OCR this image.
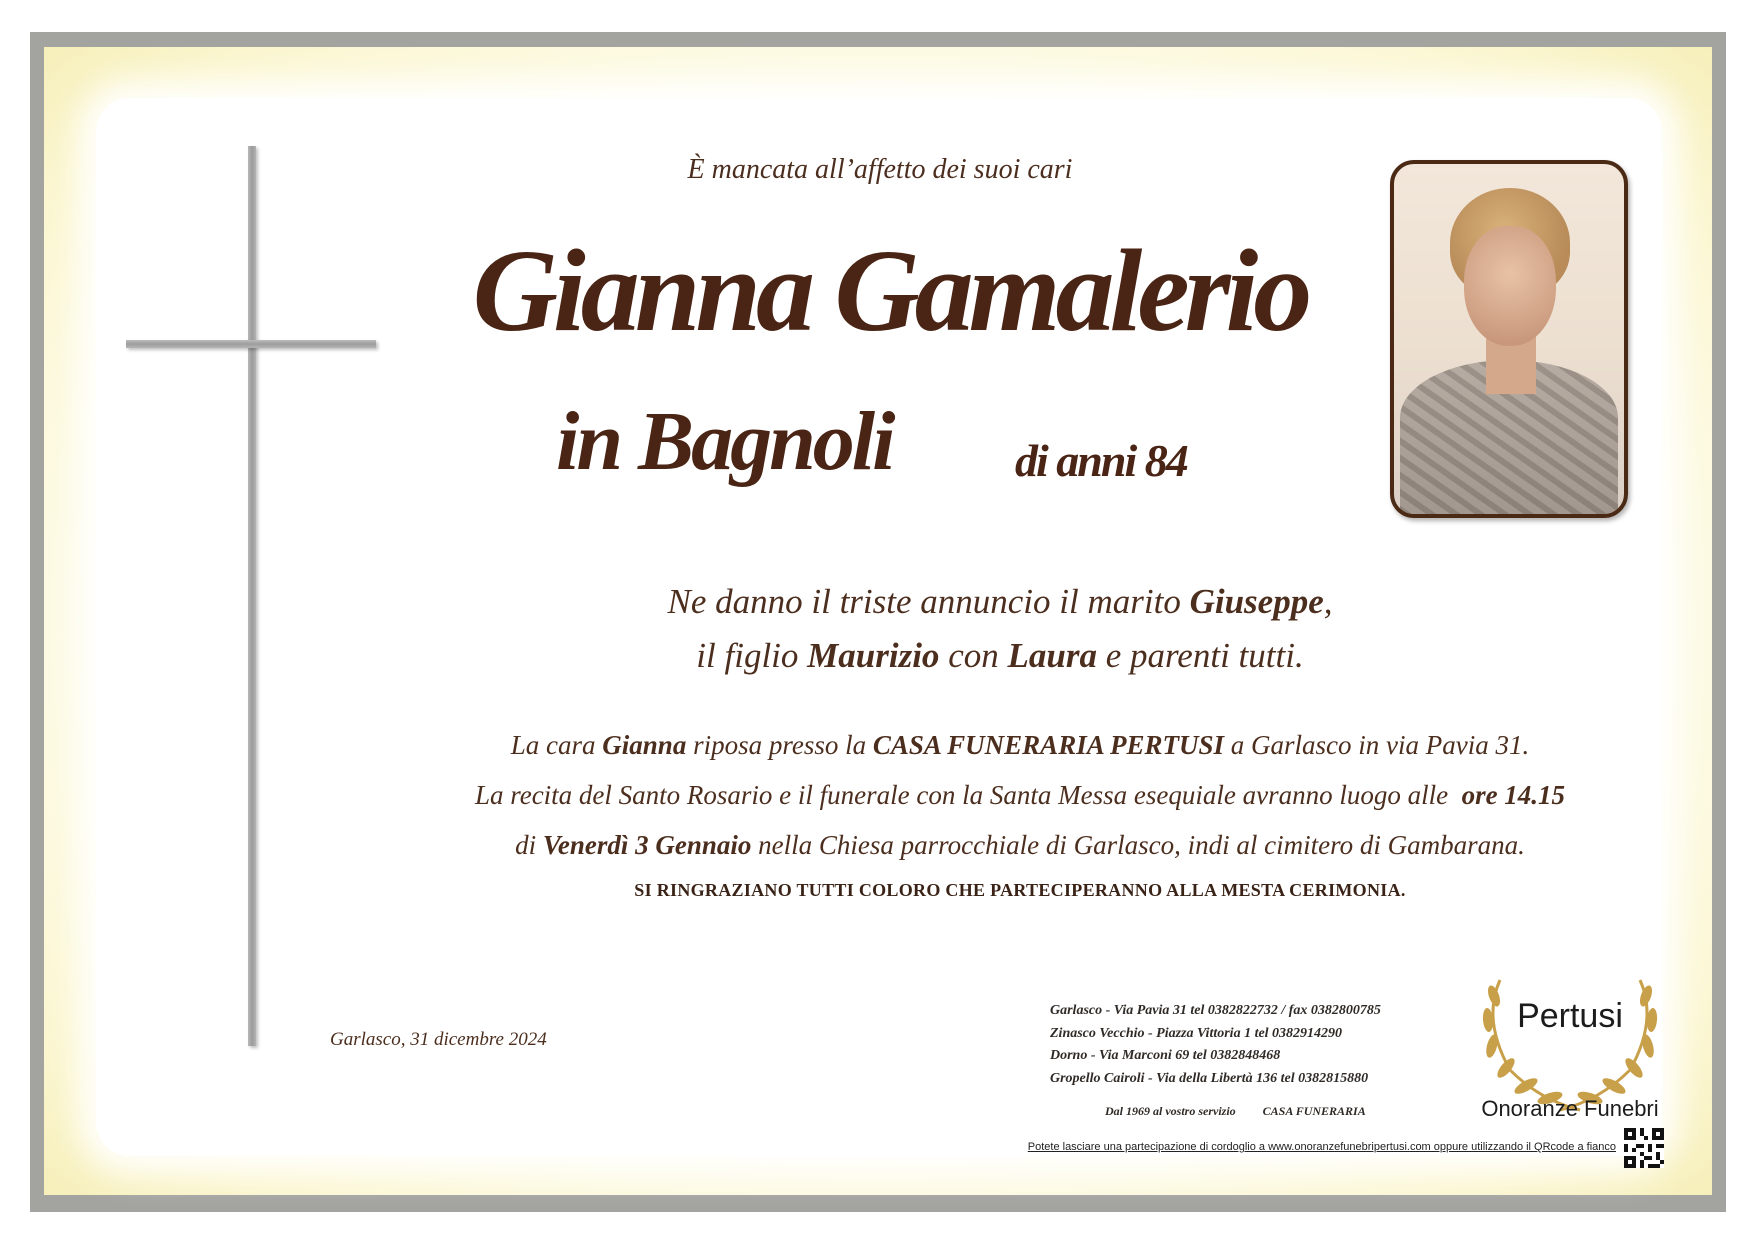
È mancata all’affetto dei suoi cari
Gianna Gamalerio
in Bagnoli	di anni 84
Ne danno il triste annuncio il marito Giuseppe,
il figlio Maurizio con Laura e parenti tutti.
La cara Gianna riposa presso la CASA FUNERARIA PERTUSI a Garlasco in via Pavia 31.
La recita del Santo Rosario e il funerale con la Santa Messa esequiale avranno luogo alle  ore 14.15
di Venerdì 3 Gennaio nella Chiesa parrocchiale di Garlasco, indi al cimitero di Gambarana.
SI RINGRAZIANO TUTTI COLORO CHE PARTECIPERANNO ALLA MESTA CERIMONIA.
Garlasco, 31 dicembre 2024
Garlasco - Via Pavia 31 tel 0382822732 / fax 0382800785
Zinasco Vecchio - Piazza Vittoria 1 tel 0382914290
Dorno - Via Marconi 69 tel 0382848468
Gropello Cairoli - Via della Libertà 136 tel 0382815880
Dal 1969 al vostro servizio CASA FUNERARIA
Potete lasciare una partecipazione di cordoglio a www.onoranzefunebripertusi.com oppure utilizzando il QRcode a fianco
Pertusi
Onoranze Funebri
